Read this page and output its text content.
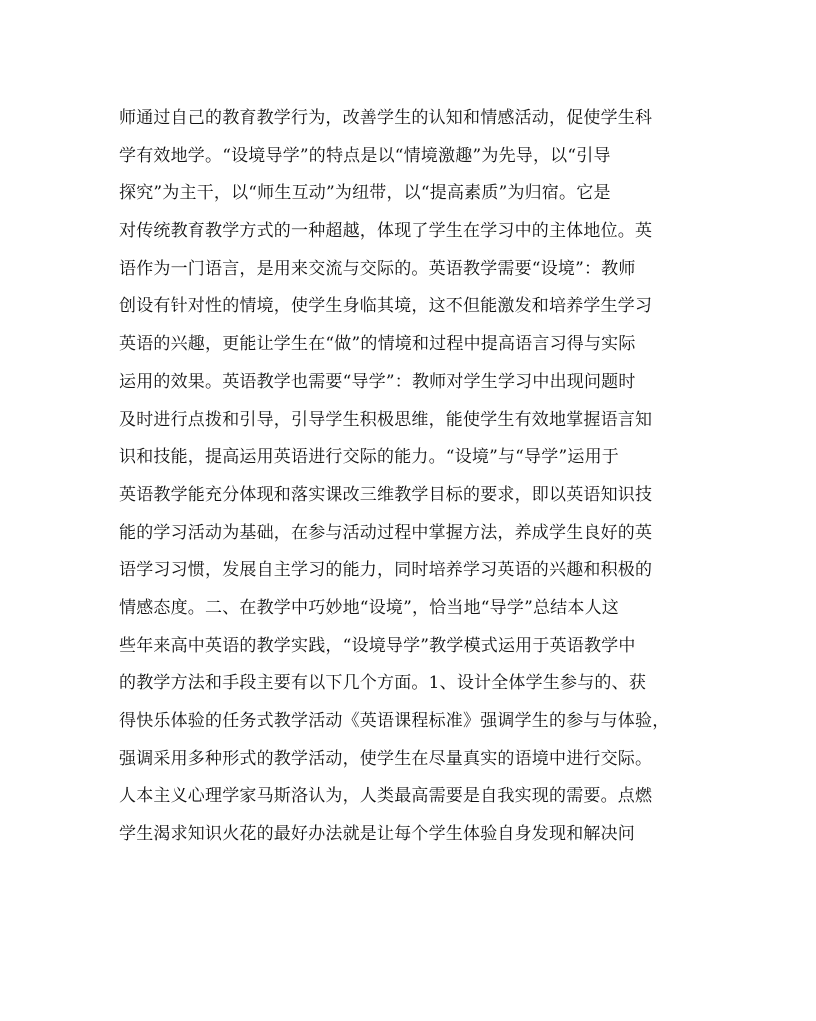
师通过自己的教育教学行为，改善学生的认知和情感活动，促使学生科
学有效地学。“设境导学”的特点是以“情境激趣”为先导，以“引导
探究”为主干，以“师生互动”为纽带，以“提高素质”为归宿。它是
对传统教育教学方式的一种超越，体现了学生在学习中的主体地位。英
语作为一门语言，是用来交流与交际的。英语教学需要“设境”：教师
创设有针对性的情境，使学生身临其境，这不但能激发和培养学生学习
英语的兴趣，更能让学生在“做”的情境和过程中提高语言习得与实际
运用的效果。英语教学也需要“导学”：教师对学生学习中出现问题时
及时进行点拨和引导，引导学生积极思维，能使学生有效地掌握语言知
识和技能，提高运用英语进行交际的能力。“设境”与“导学”运用于
英语教学能充分体现和落实课改三维教学目标的要求，即以英语知识技
能的学习活动为基础，在参与活动过程中掌握方法，养成学生良好的英
语学习习惯，发展自主学习的能力，同时培养学习英语的兴趣和积极的
情感态度。二、在教学中巧妙地“设境”，恰当地“导学”总结本人这
些年来高中英语的教学实践，“设境导学”教学模式运用于英语教学中
的教学方法和手段主要有以下几个方面。1、设计全体学生参与的、获
得快乐体验的任务式教学活动《英语课程标准》强调学生的参与与体验，
强调采用多种形式的教学活动，使学生在尽量真实的语境中进行交际。
人本主义心理学家马斯洛认为，人类最高需要是自我实现的需要。点燃
学生渴求知识火花的最好办法就是让每个学生体验自身发现和解决问
